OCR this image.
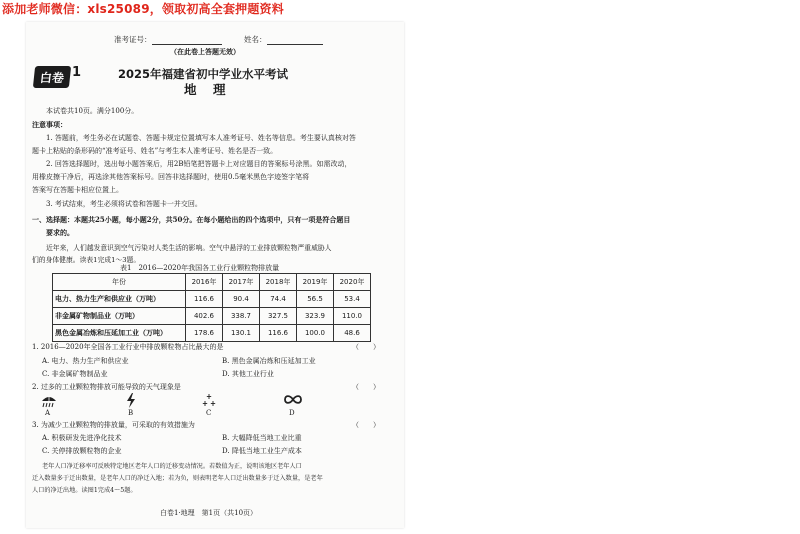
添加老师微信：xls25089，领取初高全套押题资料
准考证号：	姓名：
（在此卷上答题无效）
白卷 1	2025年福建省初中学业水平考试
地　理
本试卷共10页。满分100分。
注意事项：
1. 答题前，考生务必在试题卷、答题卡规定位置填写本人准考证号、姓名等信息。考生要认真核对答
题卡上粘贴的条形码的“准考证号、姓名”与考生本人准考证号、姓名是否一致。
2. 回答选择题时，选出每小题答案后，用2B铅笔把答题卡上对应题目的答案标号涂黑。如需改动，
用橡皮擦干净后，再选涂其他答案标号。回答非选择题时，使用0.5毫米黑色字迹签字笔将
答案写在答题卡相应位置上。
3. 考试结束，考生必须将试卷和答题卡一并交回。
一、选择题：本题共25小题，每小题2分，共50分。在每小题给出的四个选项中，只有一项是符合题目
要求的。
近年来，人们越发意识到空气污染对人类生活的影响。空气中悬浮的工业排放颗粒物严重威胁人
们的身体健康。读表1完成1～3题。
表1　2016—2020年我国各工业行业颗粒物排放量
年份	2016年	2017年	2018年	2019年	2020年
电力、热力生产和供应业（万吨）	116.6	90.4	74.4	56.5	53.4
非金属矿物制品业（万吨）	402.6	338.7	327.5	323.9	110.0
黑色金属冶炼和压延加工业（万吨）	178.6	130.1	116.6	100.0	48.6
1. 2016—2020年全国各工业行业中排放颗粒物占比最大的是	（　　）
A. 电力、热力生产和供应业	B. 黑色金属冶炼和压延加工业
C. 非金属矿物制品业	D. 其他工业行业
2. 过多的工业颗粒物排放可能导致的天气现象是	（　　）
A	B	C	D
3. 为减少工业颗粒物的排放量，可采取的有效措施为	（　　）
A. 积极研发先进净化技术	B. 大幅降低当地工业比重
C. 关停排放颗粒物的企业	D. 降低当地工业生产成本
老年人口净迁移率可反映特定地区老年人口的迁移变动情况。若数值为正，说明该地区老年人口
迁入数量多于迁出数量，是老年人口的净迁入地；若为负，则表明老年人口迁出数量多于迁入数量，是老年
人口的净迁出地。读图1完成4～5题。
白卷1·地理　第1页（共10页）
